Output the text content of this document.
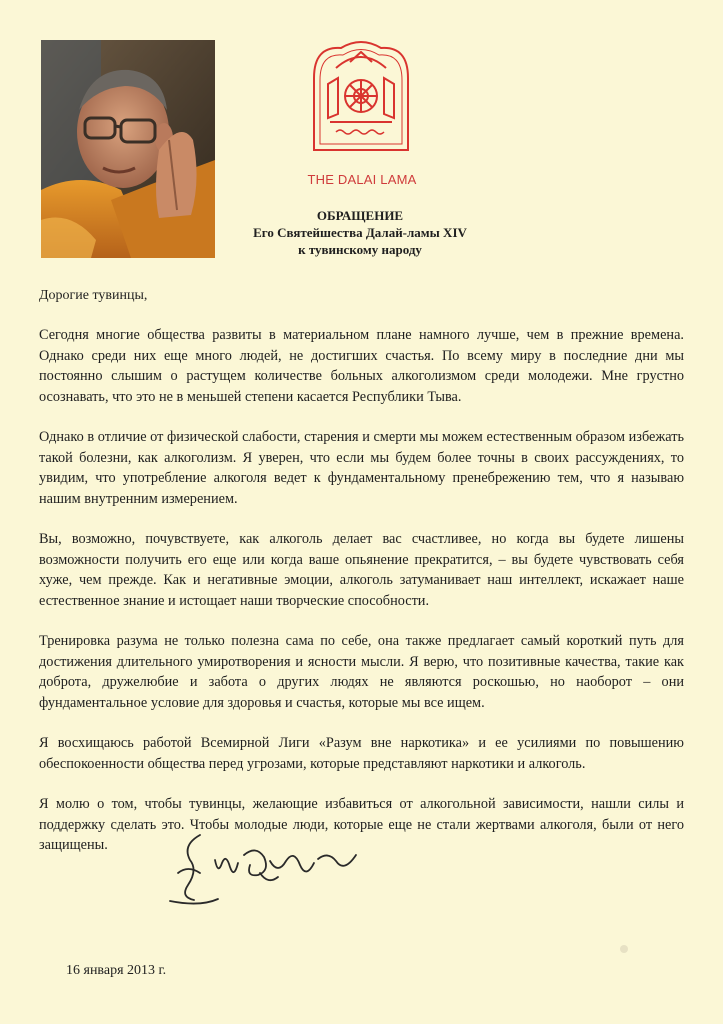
THE DALAI LAMA
ОБРАЩЕНИЕ
Его Святейшества Далай-ламы XIV
к тувинскому народу
Дорогие тувинцы,

Сегодня многие общества развиты в материальном плане намного лучше, чем в прежние времена. Однако среди них еще много людей, не достигших счастья. По всему миру в последние дни мы постоянно слышим о растущем количестве больных алкоголизмом среди молодежи. Мне грустно осознавать, что это не в меньшей степени касается Республики Тыва.

Однако в отличие от физической слабости, старения и смерти мы можем естественным образом избежать такой болезни, как алкоголизм. Я уверен, что если мы будем более точны в своих рассуждениях, то увидим, что употребление алкоголя ведет к фундаментальному пренебрежению тем, что я называю нашим внутренним измерением.

Вы, возможно, почувствуете, как алкоголь делает вас счастливее, но когда вы будете лишены возможности получить его еще или когда ваше опьянение прекратится, – вы будете чувствовать себя хуже, чем прежде. Как и негативные эмоции, алкоголь затуманивает наш интеллект, искажает наше естественное знание и истощает наши творческие способности.

Тренировка разума не только полезна сама по себе, она также предлагает самый короткий путь для достижения длительного умиротворения и ясности мысли. Я верю, что позитивные качества, такие как доброта, дружелюбие и забота о других людях не являются роскошью, но наоборот – они фундаментальное условие для здоровья и счастья, которые мы все ищем.

Я восхищаюсь работой Всемирной Лиги «Разум вне наркотика» и ее усилиями по повышению обеспокоенности общества перед угрозами, которые представляют наркотики и алкоголь.

Я молю о том, чтобы тувинцы, желающие избавиться от алкогольной зависимости, нашли силы и поддержку сделать это. Чтобы молодые люди, которые еще не стали жертвами алкоголя, были от него защищены.

16 января 2013 г.
